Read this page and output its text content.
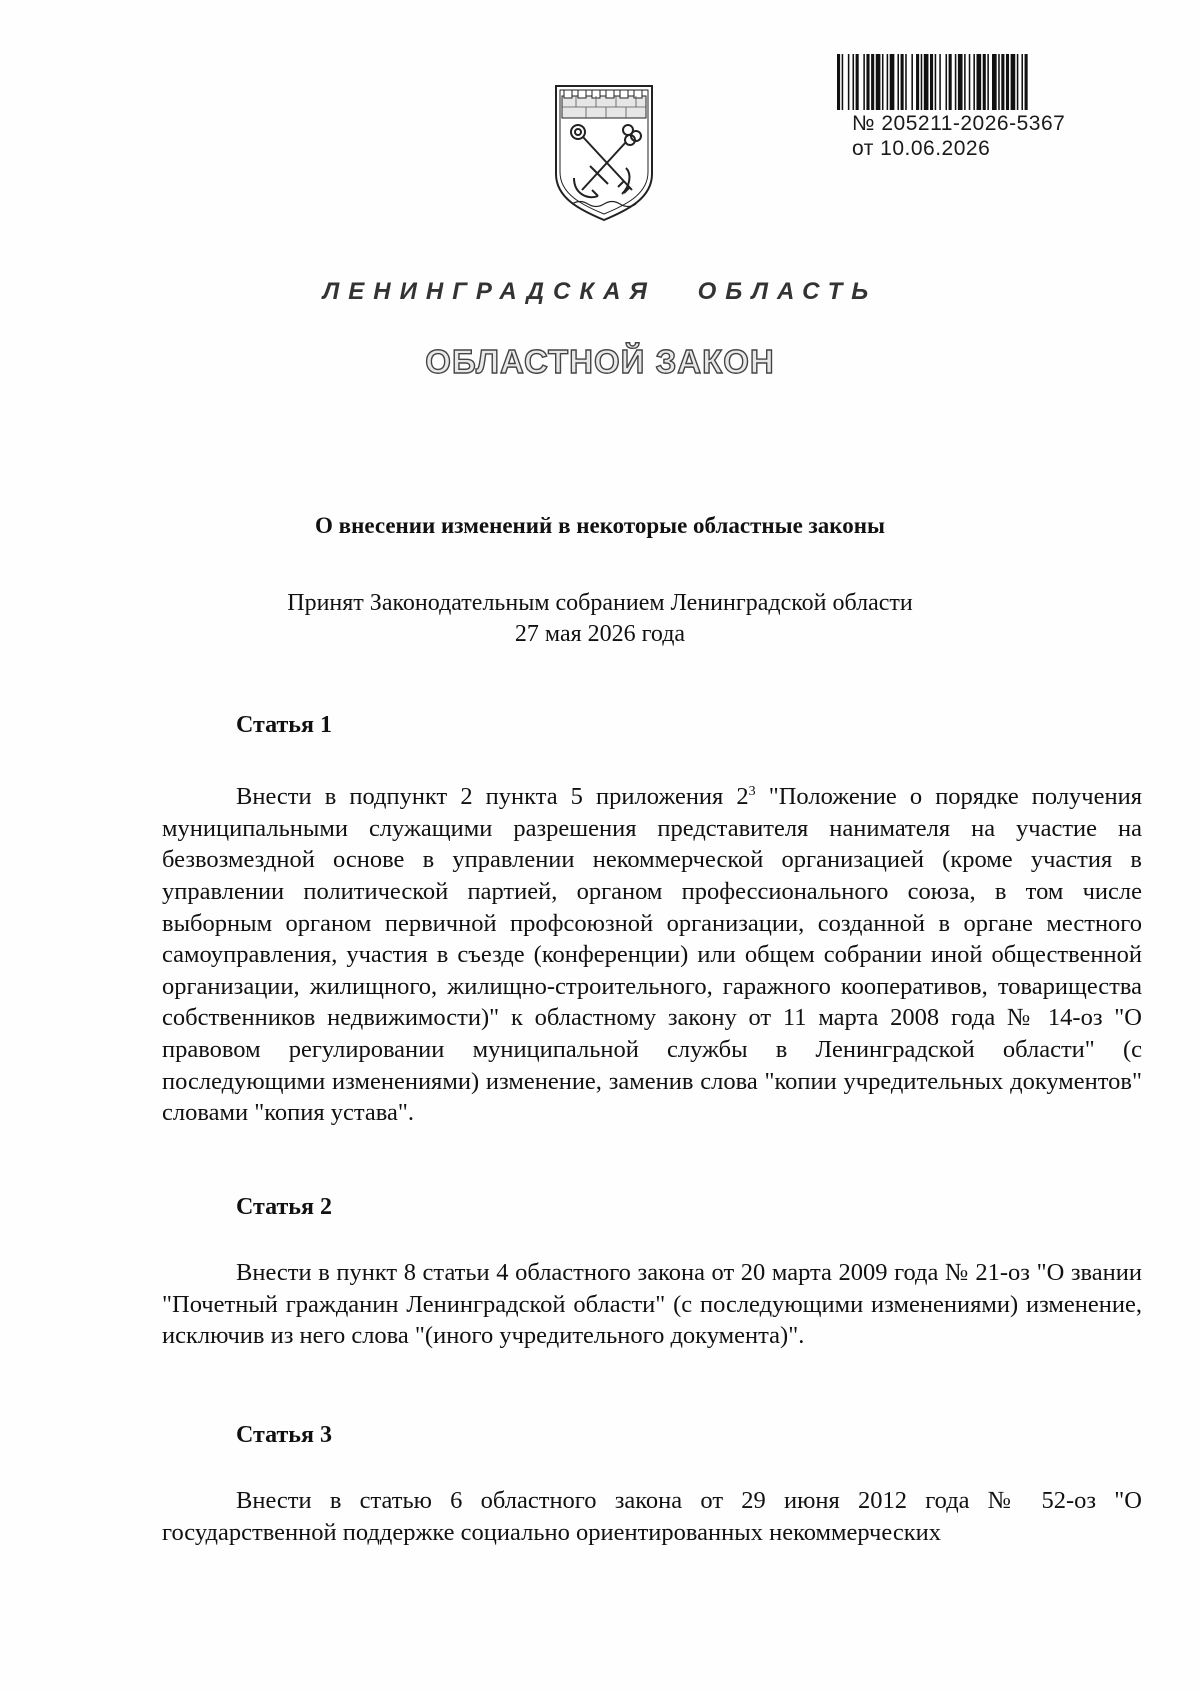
№ 205211-2026-5367
от 10.06.2026
ЛЕНИНГРАДСКАЯ ОБЛАСТЬ
ОБЛАСТНОЙ ЗАКОН
О внесении изменений в некоторые областные законы
Принят Законодательным собранием Ленинградской области
27 мая 2026 года
Статья 1

Внести в подпункт 2 пункта 5 приложения $2^3$ "Положение о порядке получения муниципальными служащими разрешения представителя нанимателя на участие на безвозмездной основе в управлении некоммерческой организацией (кроме участия в управлении политической партией, органом профессионального союза, в том числе выборным органом первичной профсоюзной организации, созданной в органе местного самоуправления, участия в съезде (конференции) или общем собрании иной общественной организации, жилищного, жилищно-строительного, гаражного кооперативов, товарищества собственников недвижимости)" к областному закону от 11 марта 2008 года № 14-оз "О правовом регулировании муниципальной службы в Ленинградской области" (с последующими изменениями) изменение, заменив слова "копии учредительных документов" словами "копия устава".

Статья 2

Внести в пункт 8 статьи 4 областного закона от 20 марта 2009 года № 21-оз "О звании "Почетный гражданин Ленинградской области" (с последующими изменениями) изменение, исключив из него слова "(иного учредительного документа)".

Статья 3

Внести в статью 6 областного закона от 29 июня 2012 года № 52-оз "О государственной поддержке социально ориентированных некоммерческих
